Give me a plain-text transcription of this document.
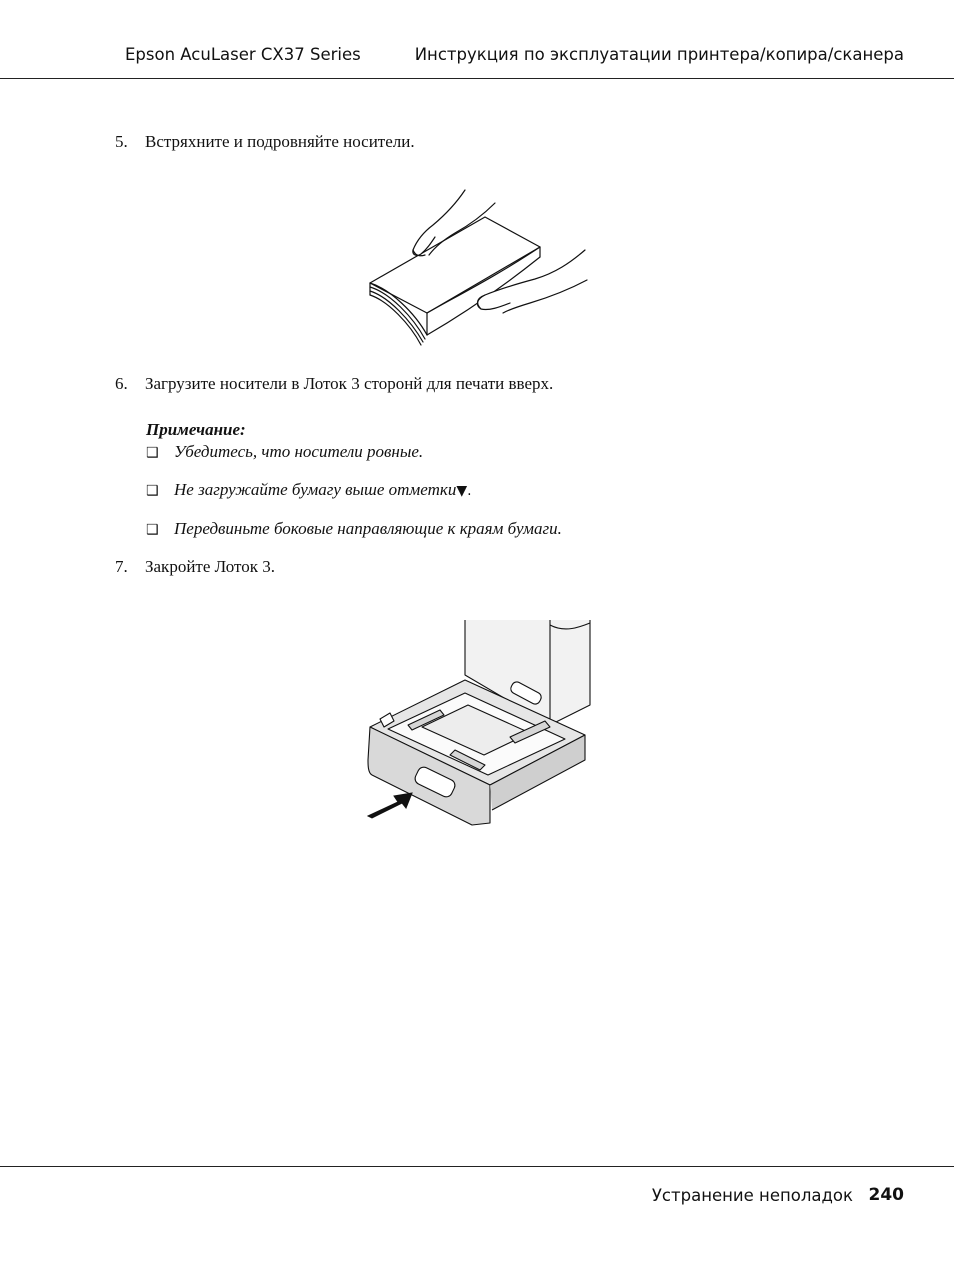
Epson AcuLaser CX37 Series	Инструкция по эксплуатации принтера/копира/сканера
5. Встряхните и подровняйте носители.
6. Загрузите носители в Лоток 3 сторонй для печати вверх.
Примечание:
❑ Убедитесь, что носители ровные.
❑ Не загружайте бумагу выше отметки▼.
❑ Передвиньте боковые направляющие к краям бумаги.
7. Закройте Лоток 3.
Устранение неполадок 240
